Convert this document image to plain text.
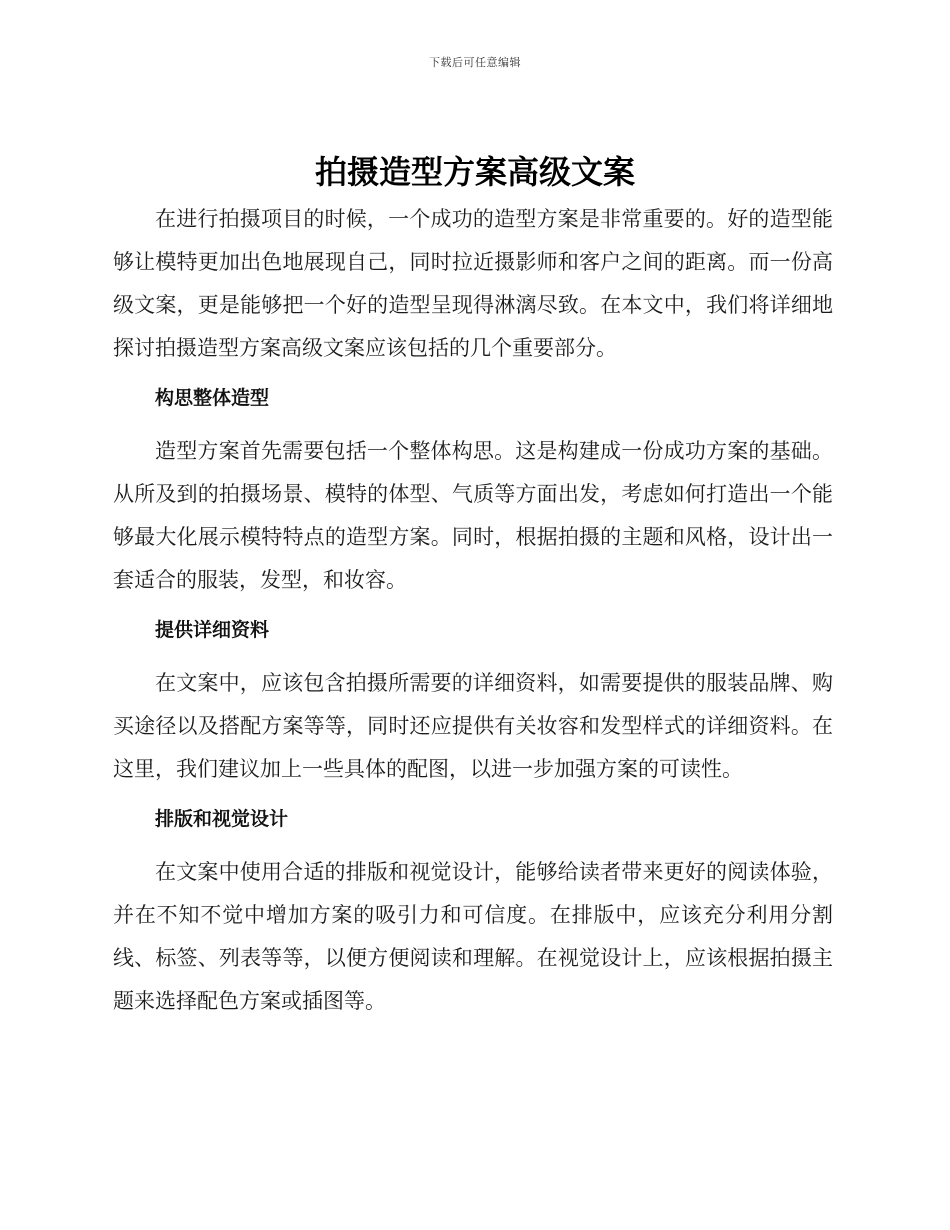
下载后可任意编辑
拍摄造型方案高级文案

在进行拍摄项目的时候，一个成功的造型方案是非常重要的。好的造型能够让模特更加出色地展现自己，同时拉近摄影师和客户之间的距离。而一份高级文案，更是能够把一个好的造型呈现得淋漓尽致。在本文中，我们将详细地探讨拍摄造型方案高级文案应该包括的几个重要部分。

构思整体造型

造型方案首先需要包括一个整体构思。这是构建成一份成功方案的基础。从所及到的拍摄场景、模特的体型、气质等方面出发，考虑如何打造出一个能够最大化展示模特特点的造型方案。同时，根据拍摄的主题和风格，设计出一套适合的服装，发型，和妆容。

提供详细资料

在文案中，应该包含拍摄所需要的详细资料，如需要提供的服装品牌、购买途径以及搭配方案等等，同时还应提供有关妆容和发型样式的详细资料。在这里，我们建议加上一些具体的配图，以进一步加强方案的可读性。

排版和视觉设计

在文案中使用合适的排版和视觉设计，能够给读者带来更好的阅读体验，并在不知不觉中增加方案的吸引力和可信度。在排版中，应该充分利用分割线、标签、列表等等，以便方便阅读和理解。在视觉设计上，应该根据拍摄主题来选择配色方案或插图等。
